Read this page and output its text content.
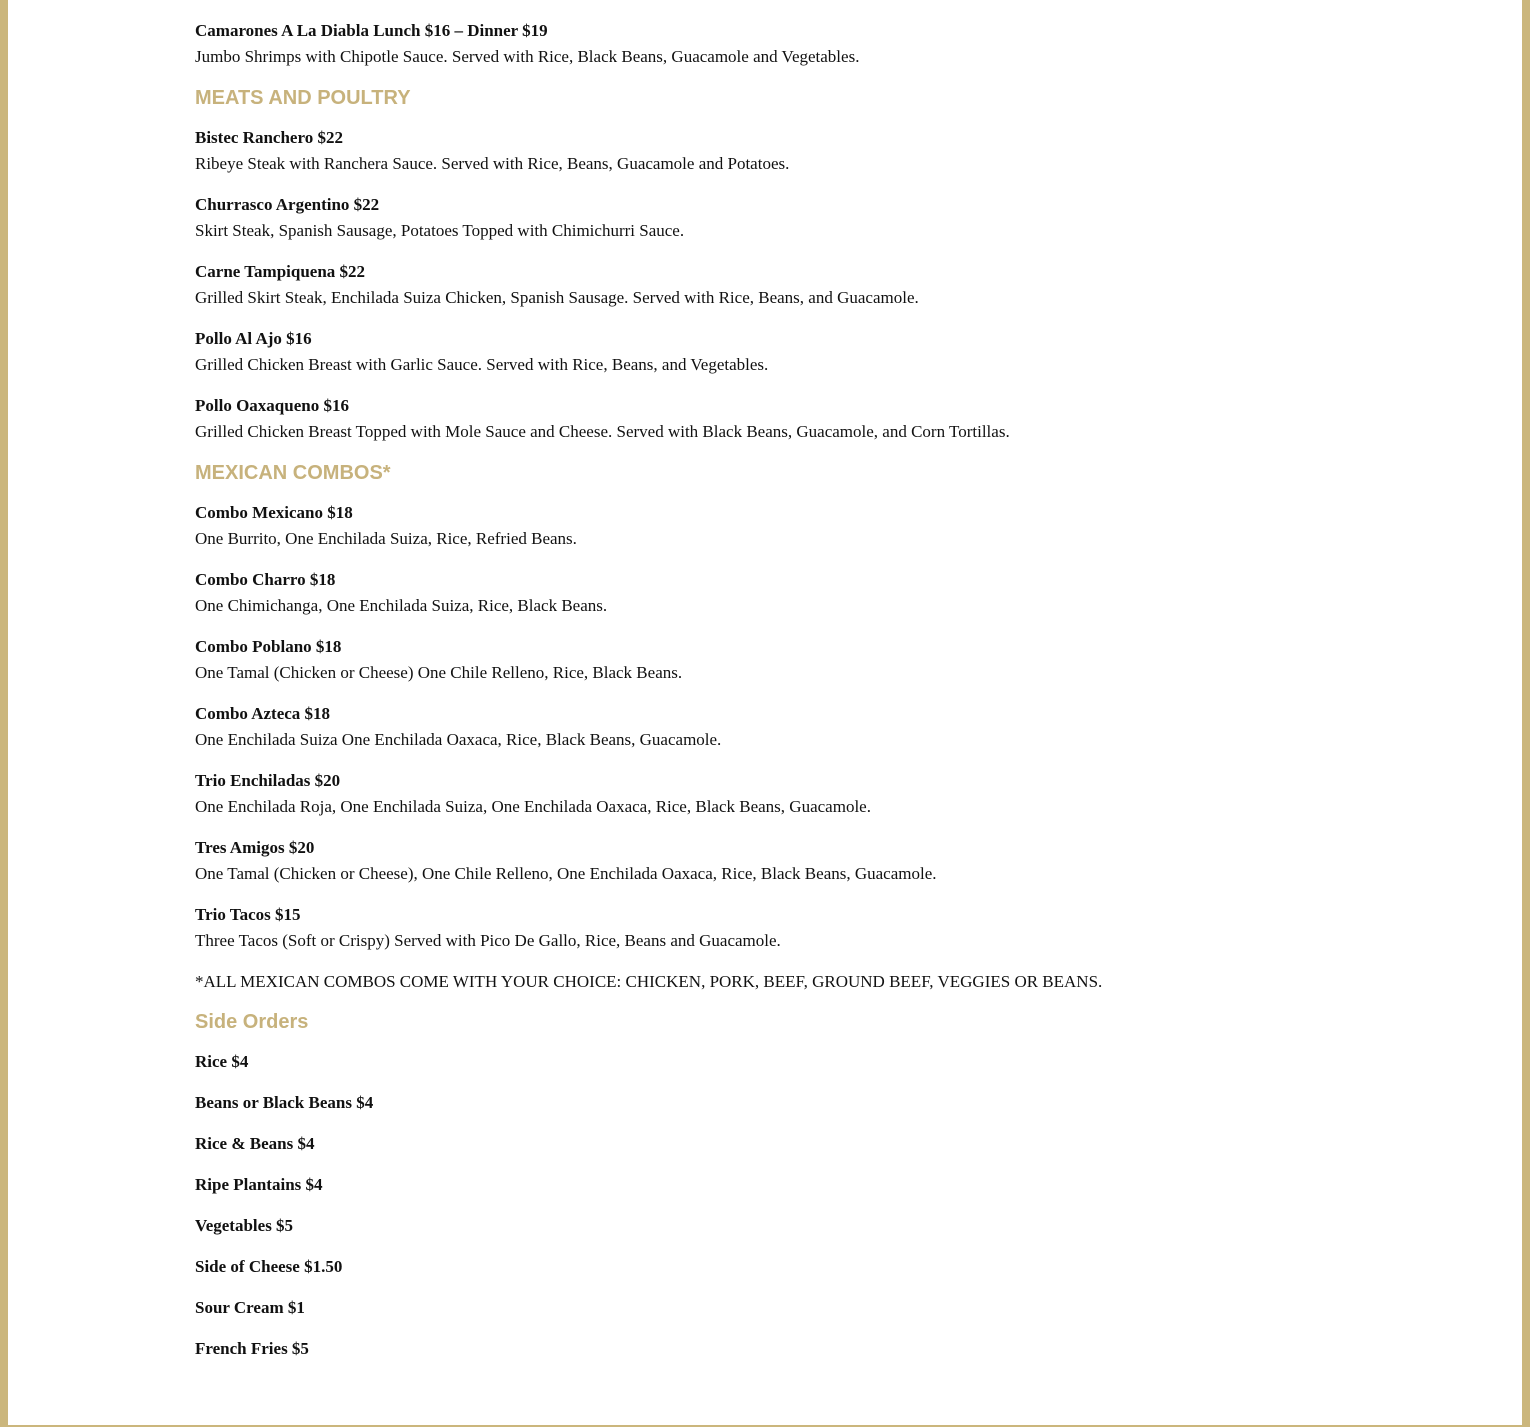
Camarones A La Diabla Lunch $16 – Dinner $19

Jumbo Shrimps with Chipotle Sauce. Served with Rice, Black Beans, Guacamole and Vegetables.

MEATS AND POULTRY

Bistec Ranchero $22

Ribeye Steak with Ranchera Sauce. Served with Rice, Beans, Guacamole and Potatoes.

Churrasco Argentino $22

Skirt Steak, Spanish Sausage, Potatoes Topped with Chimichurri Sauce.

Carne Tampiquena $22

Grilled Skirt Steak, Enchilada Suiza Chicken, Spanish Sausage. Served with Rice, Beans, and Guacamole.

Pollo Al Ajo $16

Grilled Chicken Breast with Garlic Sauce. Served with Rice, Beans, and Vegetables.

Pollo Oaxaqueno $16

Grilled Chicken Breast Topped with Mole Sauce and Cheese. Served with Black Beans, Guacamole, and Corn Tortillas.

MEXICAN COMBOS*

Combo Mexicano $18

One Burrito, One Enchilada Suiza, Rice, Refried Beans.

Combo Charro $18

One Chimichanga, One Enchilada Suiza, Rice, Black Beans.

Combo Poblano $18

One Tamal (Chicken or Cheese) One Chile Relleno, Rice, Black Beans.

Combo Azteca $18

One Enchilada Suiza One Enchilada Oaxaca, Rice, Black Beans, Guacamole.

Trio Enchiladas $20

One Enchilada Roja, One Enchilada Suiza, One Enchilada Oaxaca, Rice, Black Beans, Guacamole.

Tres Amigos $20

One Tamal (Chicken or Cheese), One Chile Relleno, One Enchilada Oaxaca, Rice, Black Beans, Guacamole.

Trio Tacos $15

Three Tacos (Soft or Crispy) Served with Pico De Gallo, Rice, Beans and Guacamole.

*ALL MEXICAN COMBOS COME WITH YOUR CHOICE: CHICKEN, PORK, BEEF, GROUND BEEF, VEGGIES OR BEANS.

Side Orders

Rice $4

Beans or Black Beans $4

Rice & Beans $4

Ripe Plantains $4

Vegetables $5

Side of Cheese $1.50

Sour Cream $1

French Fries $5
